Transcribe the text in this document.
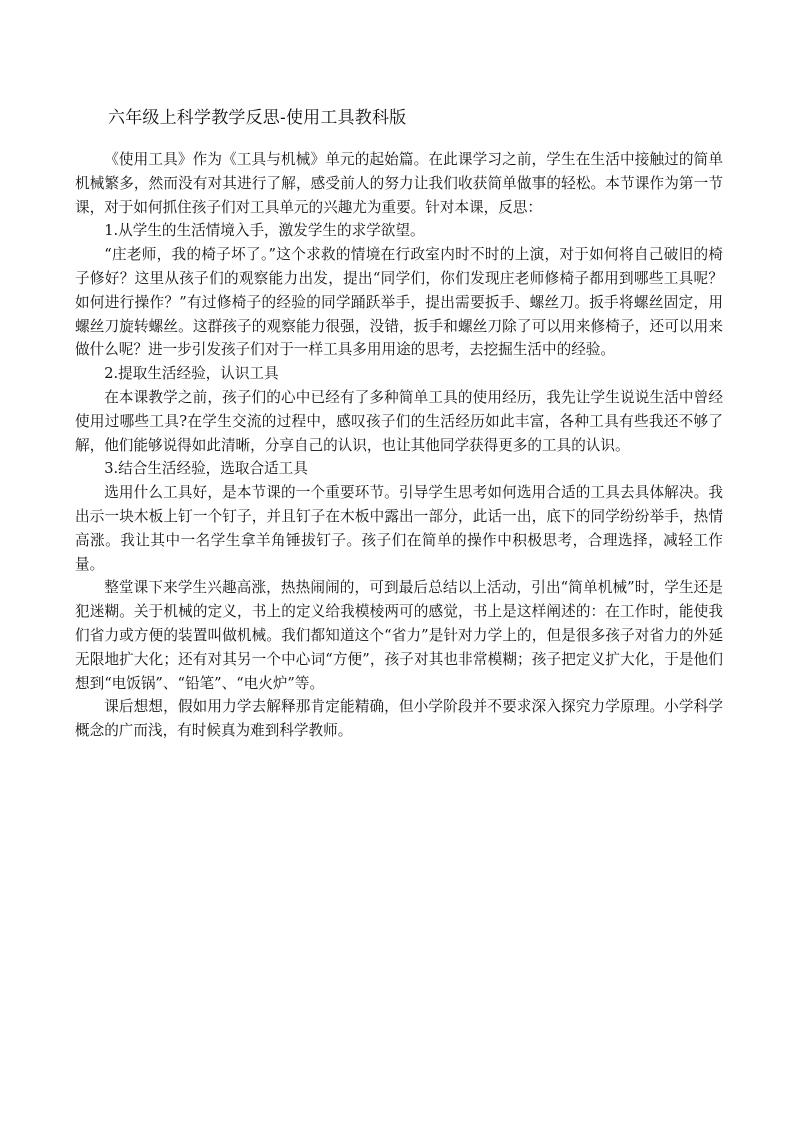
六年级上科学教学反思-使用工具教科版

《使用工具》作为《工具与机械》单元的起始篇。在此课学习之前，学生在生活中接触过的简单机械繁多，然而没有对其进行了解，感受前人的努力让我们收获简单做事的轻松。本节课作为第一节课，对于如何抓住孩子们对工具单元的兴趣尤为重要。针对本课，反思：

1.从学生的生活情境入手，激发学生的求学欲望。

“庄老师，我的椅子坏了。”这个求救的情境在行政室内时不时的上演，对于如何将自己破旧的椅子修好？这里从孩子们的观察能力出发，提出“同学们，你们发现庄老师修椅子都用到哪些工具呢？如何进行操作？”有过修椅子的经验的同学踊跃举手，提出需要扳手、螺丝刀。扳手将螺丝固定，用螺丝刀旋转螺丝。这群孩子的观察能力很强，没错，扳手和螺丝刀除了可以用来修椅子，还可以用来做什么呢？进一步引发孩子们对于一样工具多用用途的思考，去挖掘生活中的经验。

2.提取生活经验，认识工具

在本课教学之前，孩子们的心中已经有了多种简单工具的使用经历，我先让学生说说生活中曾经使用过哪些工具?在学生交流的过程中，感叹孩子们的生活经历如此丰富，各种工具有些我还不够了解，他们能够说得如此清晰，分享自己的认识，也让其他同学获得更多的工具的认识。

3.结合生活经验，选取合适工具

选用什么工具好，是本节课的一个重要环节。引导学生思考如何选用合适的工具去具体解决。我出示一块木板上钉一个钉子，并且钉子在木板中露出一部分，此话一出，底下的同学纷纷举手，热情高涨。我让其中一名学生拿羊角锤拔钉子。孩子们在简单的操作中积极思考，合理选择，减轻工作量。

整堂课下来学生兴趣高涨，热热闹闹的，可到最后总结以上活动，引出“简单机械”时，学生还是犯迷糊。关于机械的定义，书上的定义给我模棱两可的感觉，书上是这样阐述的：在工作时，能使我们省力或方便的装置叫做机械。我们都知道这个“省力”是针对力学上的，但是很多孩子对省力的外延无限地扩大化；还有对其另一个中心词“方便”，孩子对其也非常模糊；孩子把定义扩大化，于是他们想到“电饭锅”、“铅笔”、“电火炉”等。

课后想想，假如用力学去解释那肯定能精确，但小学阶段并不要求深入探究力学原理。小学科学概念的广而浅，有时候真为难到科学教师。
